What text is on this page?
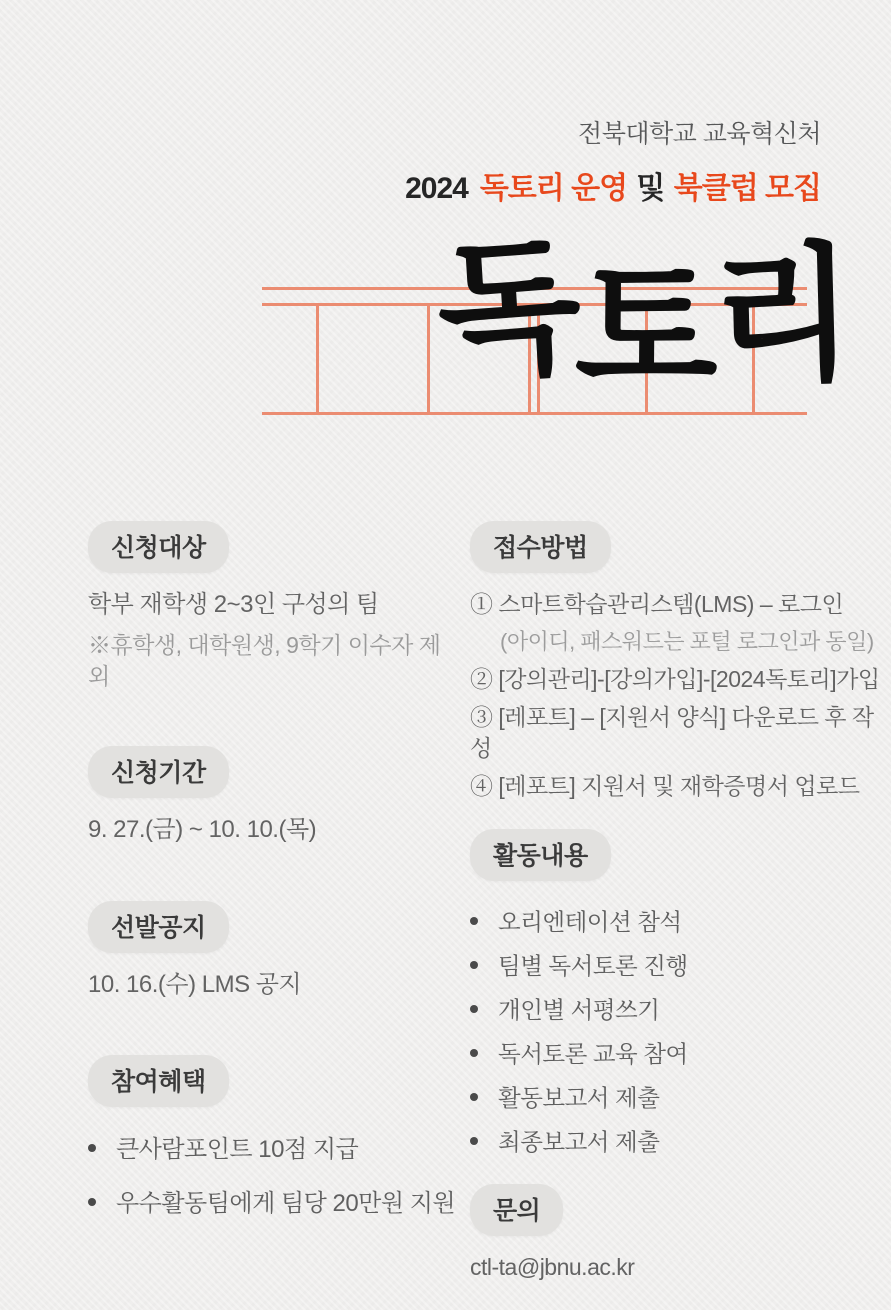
전북대학교 교육혁신처
2024 독토리 운영 및 북클럽 모집
독토리
신청대상

학부 재학생 2~3인 구성의 팀

※휴학생, 대학원생, 9학기 이수자 제외

신청기간

9. 27.(금) ~ 10. 10.(목)

선발공지

10. 16.(수) LMS 공지

참여혜택
큰사람포인트 10점 지급
우수활동팀에게 팀당 20만원 지원
접수방법

① 스마트학습관리스템(LMS) – 로그인

(아이디, 패스워드는 포털 로그인과 동일)

② [강의관리]-[강의가입]-[2024독토리]가입

③ [레포트] – [지원서 양식] 다운로드 후 작성

④ [레포트] 지원서 및 재학증명서 업로드

활동내용
오리엔테이션 참석
팀별 독서토론 진행
개인별 서평쓰기
독서토론 교육 참여
활동보고서 제출
최종보고서 제출
문의

ctl-ta@jbnu.ac.kr
